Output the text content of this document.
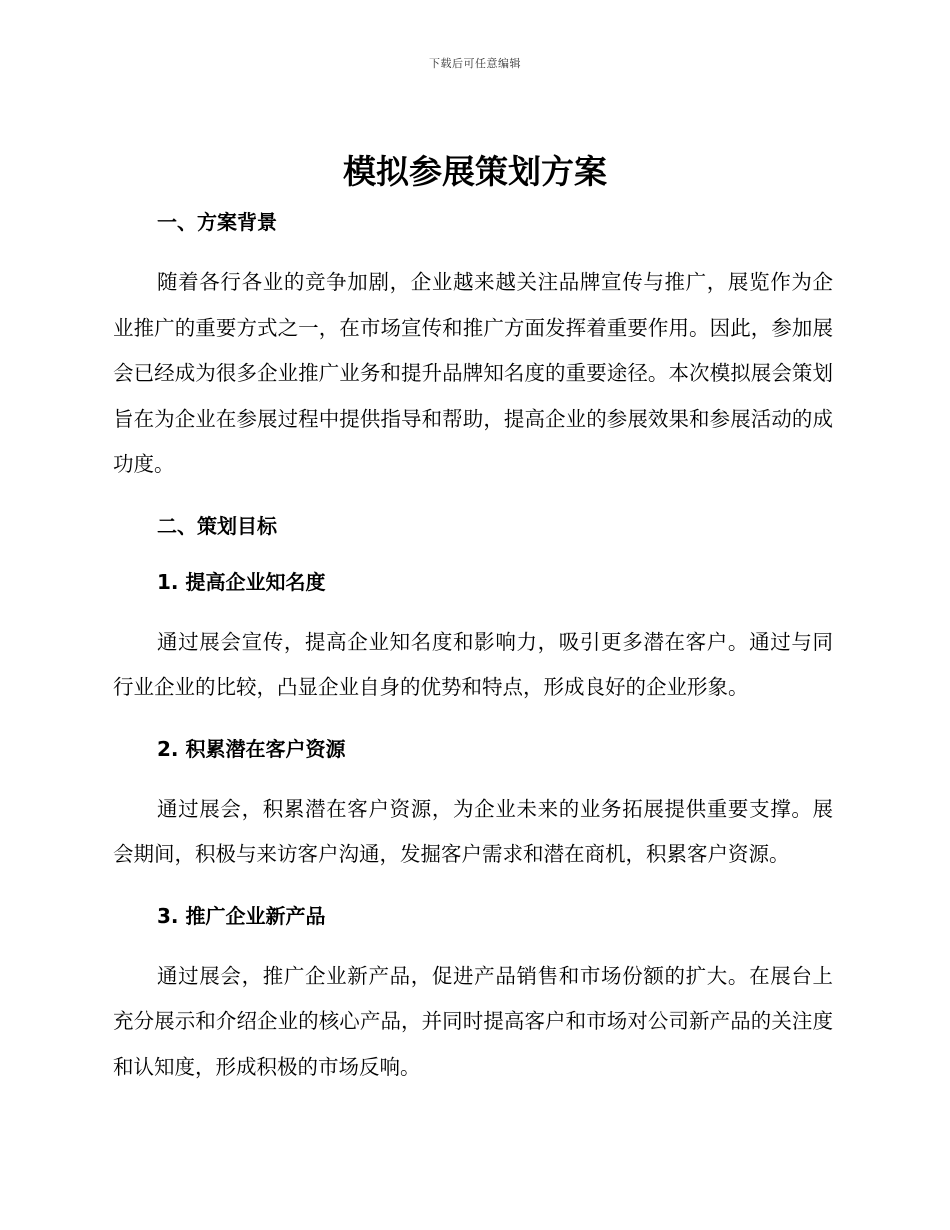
下载后可任意编辑
模拟参展策划方案
一、方案背景

随着各行各业的竞争加剧，企业越来越关注品牌宣传与推广，展览作为企业推广的重要方式之一，在市场宣传和推广方面发挥着重要作用。因此，参加展会已经成为很多企业推广业务和提升品牌知名度的重要途径。本次模拟展会策划旨在为企业在参展过程中提供指导和帮助，提高企业的参展效果和参展活动的成功度。

二、策划目标
1. 提高企业知名度

通过展会宣传，提高企业知名度和影响力，吸引更多潜在客户。通过与同行业企业的比较，凸显企业自身的优势和特点，形成良好的企业形象。

2. 积累潜在客户资源

通过展会，积累潜在客户资源，为企业未来的业务拓展提供重要支撑。展会期间，积极与来访客户沟通，发掘客户需求和潜在商机，积累客户资源。

3. 推广企业新产品

通过展会，推广企业新产品，促进产品销售和市场份额的扩大。在展台上充分展示和介绍企业的核心产品，并同时提高客户和市场对公司新产品的关注度和认知度，形成积极的市场反响。
